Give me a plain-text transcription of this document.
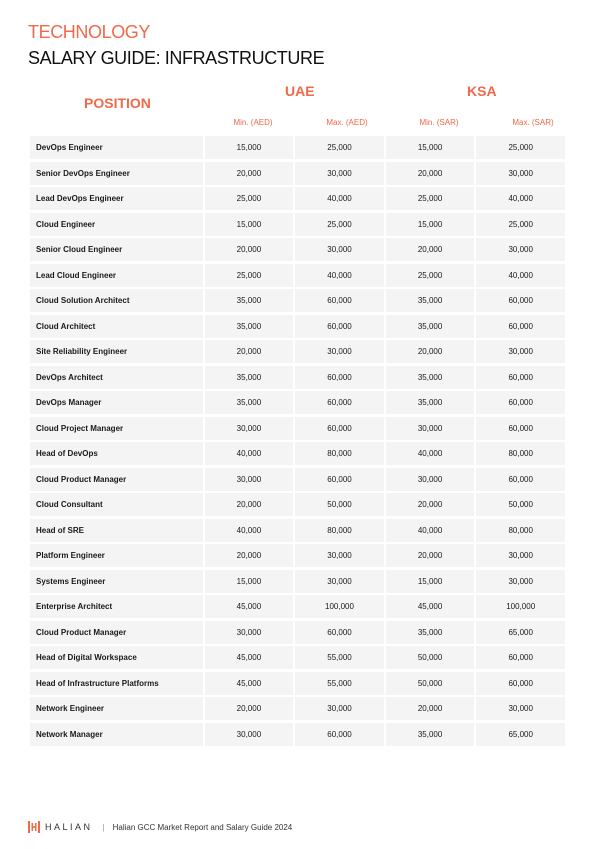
TECHNOLOGY
SALARY GUIDE: INFRASTRUCTURE
POSITION
UAE	KSA
Min. (AED)	Max. (AED)	Min. (SAR)	Max. (SAR)
DevOps Engineer	15,000	25,000	15,000	25,000
Senior DevOps Engineer	20,000	30,000	20,000	30,000
Lead DevOps Engineer	25,000	40,000	25,000	40,000
Cloud Engineer	15,000	25,000	15,000	25,000
Senior Cloud Engineer	20,000	30,000	20,000	30,000
Lead Cloud Engineer	25,000	40,000	25,000	40,000
Cloud Solution Architect	35,000	60,000	35,000	60,000
Cloud Architect	35,000	60,000	35,000	60,000
Site Reliability Engineer	20,000	30,000	20,000	30,000
DevOps Architect	35,000	60,000	35,000	60,000
DevOps Manager	35,000	60,000	35,000	60,000
Cloud Project Manager	30,000	60,000	30,000	60,000
Head of DevOps	40,000	80,000	40,000	80,000
Cloud Product Manager	30,000	60,000	30,000	60,000
Cloud Consultant	20,000	50,000	20,000	50,000
Head of SRE	40,000	80,000	40,000	80,000
Platform Engineer	20,000	30,000	20,000	30,000
Systems Engineer	15,000	30,000	15,000	30,000
Enterprise Architect	45,000	100,000	45,000	100,000
Cloud Product Manager	30,000	60,000	35,000	65,000
Head of Digital Workspace	45,000	55,000	50,000	60,000
Head of Infrastructure Platforms	45,000	55,000	50,000	60,000
Network Engineer	20,000	30,000	20,000	30,000
Network Manager	30,000	60,000	35,000	65,000
HALIAN | Halian GCC Market Report and Salary Guide 2024
